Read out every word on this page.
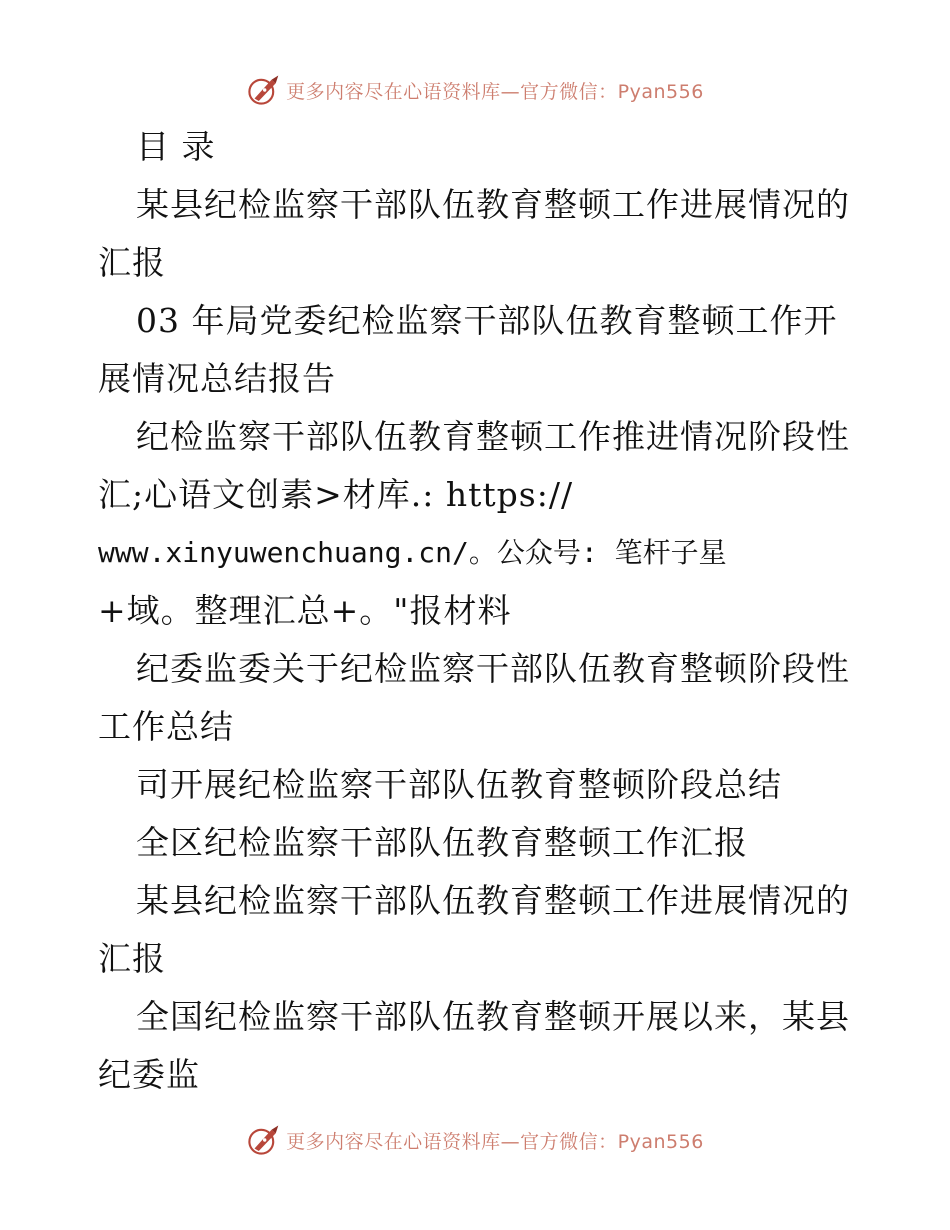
更多内容尽在心语资料库—官方微信：Pyan556
目 录
某县纪检监察干部队伍教育整顿工作进展情况的
汇报
03 年局党委纪检监察干部队伍教育整顿工作开
展情况总结报告
纪检监察干部队伍教育整顿工作推进情况阶段性
汇;心语文创素>材库.: https://
www.xinyuwenchuang.cn/。公众号: 笔杆子星
+域。整理汇总+。"报材料
纪委监委关于纪检监察干部队伍教育整顿阶段性
工作总结
司开展纪检监察干部队伍教育整顿阶段总结
全区纪检监察干部队伍教育整顿工作汇报
某县纪检监察干部队伍教育整顿工作进展情况的
汇报
全国纪检监察干部队伍教育整顿开展以来，某县
纪委监
更多内容尽在心语资料库—官方微信：Pyan556
